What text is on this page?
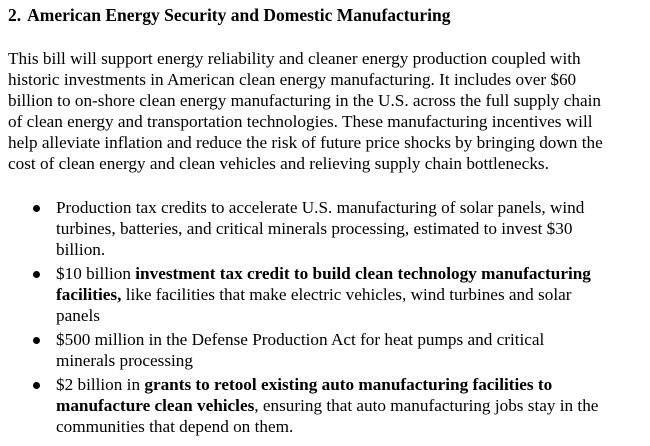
2. American Energy Security and Domestic Manufacturing

This bill will support energy reliability and cleaner energy production coupled with
historic investments in American clean energy manufacturing. It includes over $60
billion to on-shore clean energy manufacturing in the U.S. across the full supply chain
of clean energy and transportation technologies. These manufacturing incentives will
help alleviate inflation and reduce the risk of future price shocks by bringing down the
cost of clean energy and clean vehicles and relieving supply chain bottlenecks.

Production tax credits to accelerate U.S. manufacturing of solar panels, wind
turbines, batteries, and critical minerals processing, estimated to invest $30
billion.
$10 billion investment tax credit to build clean technology manufacturing
facilities, like facilities that make electric vehicles, wind turbines and solar
panels
$500 million in the Defense Production Act for heat pumps and critical
minerals processing
$2 billion in grants to retool existing auto manufacturing facilities to
manufacture clean vehicles, ensuring that auto manufacturing jobs stay in the
communities that depend on them.
